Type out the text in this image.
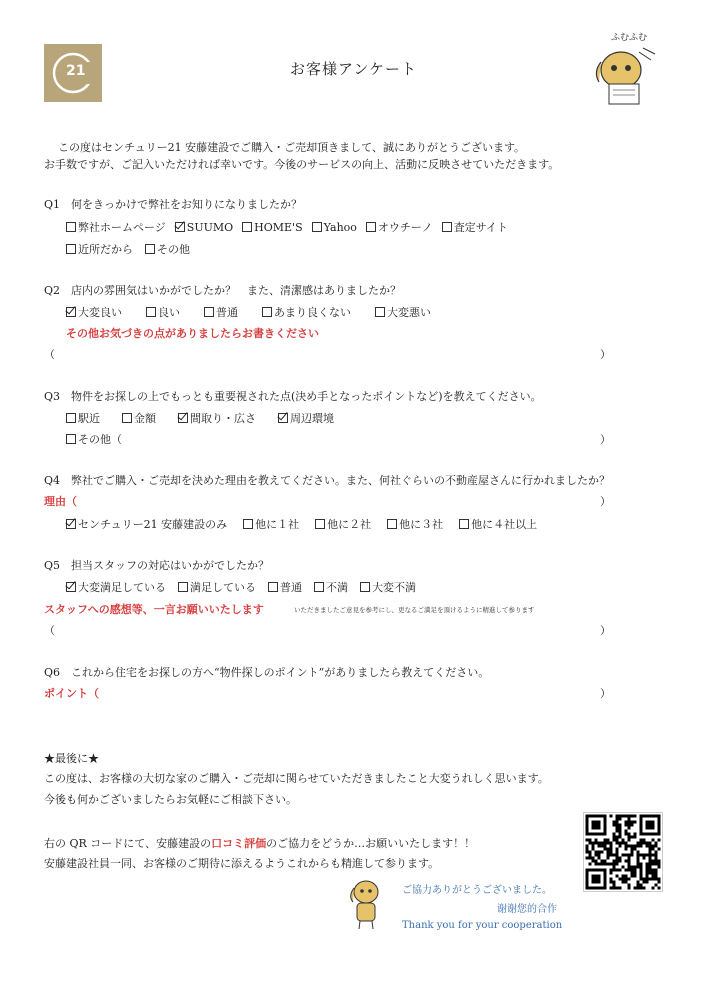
21	お客様アンケート
ふむふむ
この度はセンチュリー21 安藤建設でご購入・ご売却頂きまして、誠にありがとうございます。
お手数ですが、ご記入いただければ幸いです。今後のサービスの向上、活動に反映させていただきます。
Q1　何をきっかけで弊社をお知りになりましたか？
弊社ホームページ SUUMO HOME'S Yahoo オウチーノ 査定サイト
近所だから その他
Q2　店内の雰囲気はいかがでしたか？　また、清潔感はありましたか？
大変良い	良い	普通	あまり良くない	大変悪い
その他お気づきの点がありましたらお書きください
（	）
Q3　物件をお探しの上でもっとも重要視された点(決め手となったポイントなど)を教えてください。
駅近	金額	間取り・広さ	周辺環境
その他（	）
Q4　弊社でご購入・ご売却を決めた理由を教えてください。また、何社ぐらいの不動産屋さんに行かれましたか？
理由（	）
センチュリー21 安藤建設のみ	他に１社	他に２社	他に３社	他に４社以上
Q5　担当スタッフの対応はいかがでしたか？
大変満足している 満足している 普通 不満 大変不満
スタッフへの感想等、一言お願いいたします	いただきましたご意見を参考にし、更なるご満足を頂けるように精進して参ります
（	）
Q6　これから住宅をお探しの方へ“物件探しのポイント”がありましたら教えてください。
ポイント（	）
★最後に★
この度は、お客様の大切な家のご購入・ご売却に関らせていただきましたこと大変うれしく思います。
今後も何かございましたらお気軽にご相談下さい。
右の QR コードにて、安藤建設の口コミ評価のご協力をどうか…お願いいたします！！
安藤建設社員一同、お客様のご期待に添えるようこれからも精進して参ります。
ご協力ありがとうございました。
谢谢您的合作
Thank you for your cooperation
